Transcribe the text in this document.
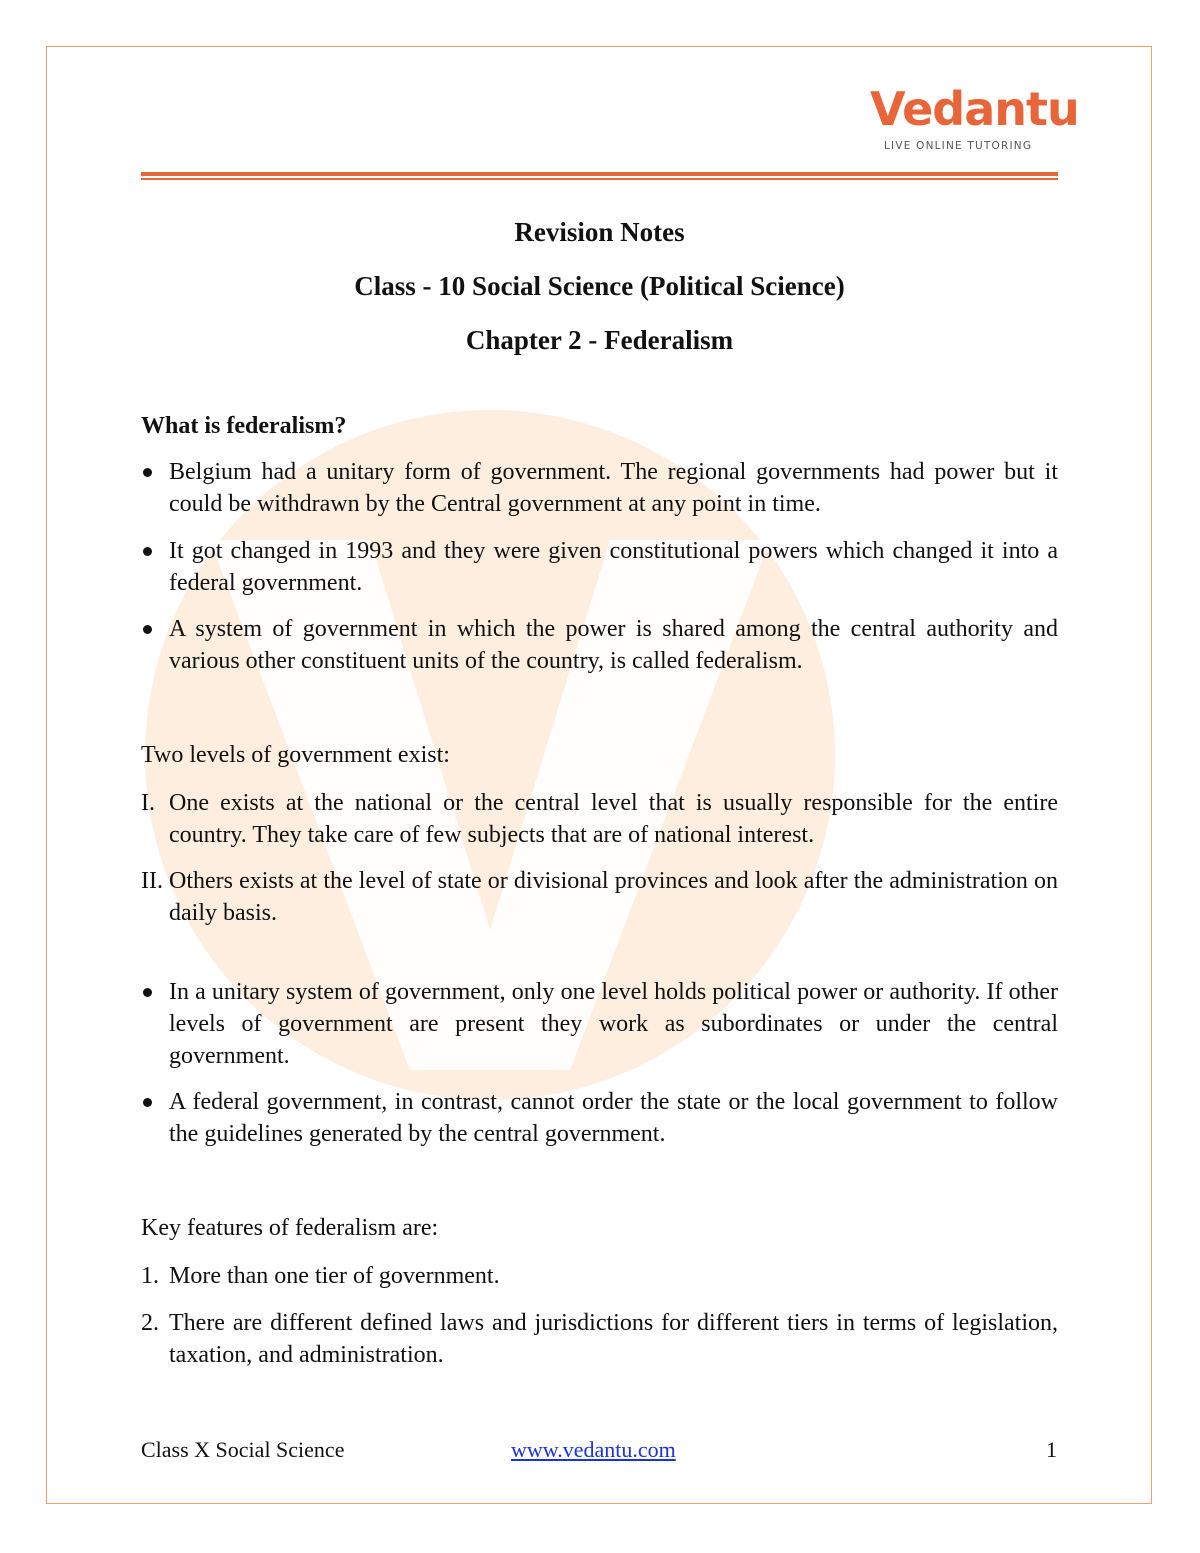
Vedantu
LIVE ONLINE TUTORING
Revision Notes
Class - 10 Social Science (Political Science)
Chapter 2 - Federalism
What is federalism?
Belgium had a unitary form of government. The regional governments had power but it could be withdrawn by the Central government at any point in time.
It got changed in 1993 and they were given constitutional powers which changed it into a federal government.
A system of government in which the power is shared among the central authority and various other constituent units of the country, is called federalism.
Two levels of government exist:
I. One exists at the national or the central level that is usually responsible for the entire country. They take care of few subjects that are of national interest.
II. Others exists at the level of state or divisional provinces and look after the administration on daily basis.
In a unitary system of government, only one level holds political power or authority. If other levels of government are present they work as subordinates or under the central government.
A federal government, in contrast, cannot order the state or the local government to follow the guidelines generated by the central government.
Key features of federalism are:
1. More than one tier of government.
2. There are different defined laws and jurisdictions for different tiers in terms of legislation, taxation, and administration.
Class X Social Science	www.vedantu.com	1
